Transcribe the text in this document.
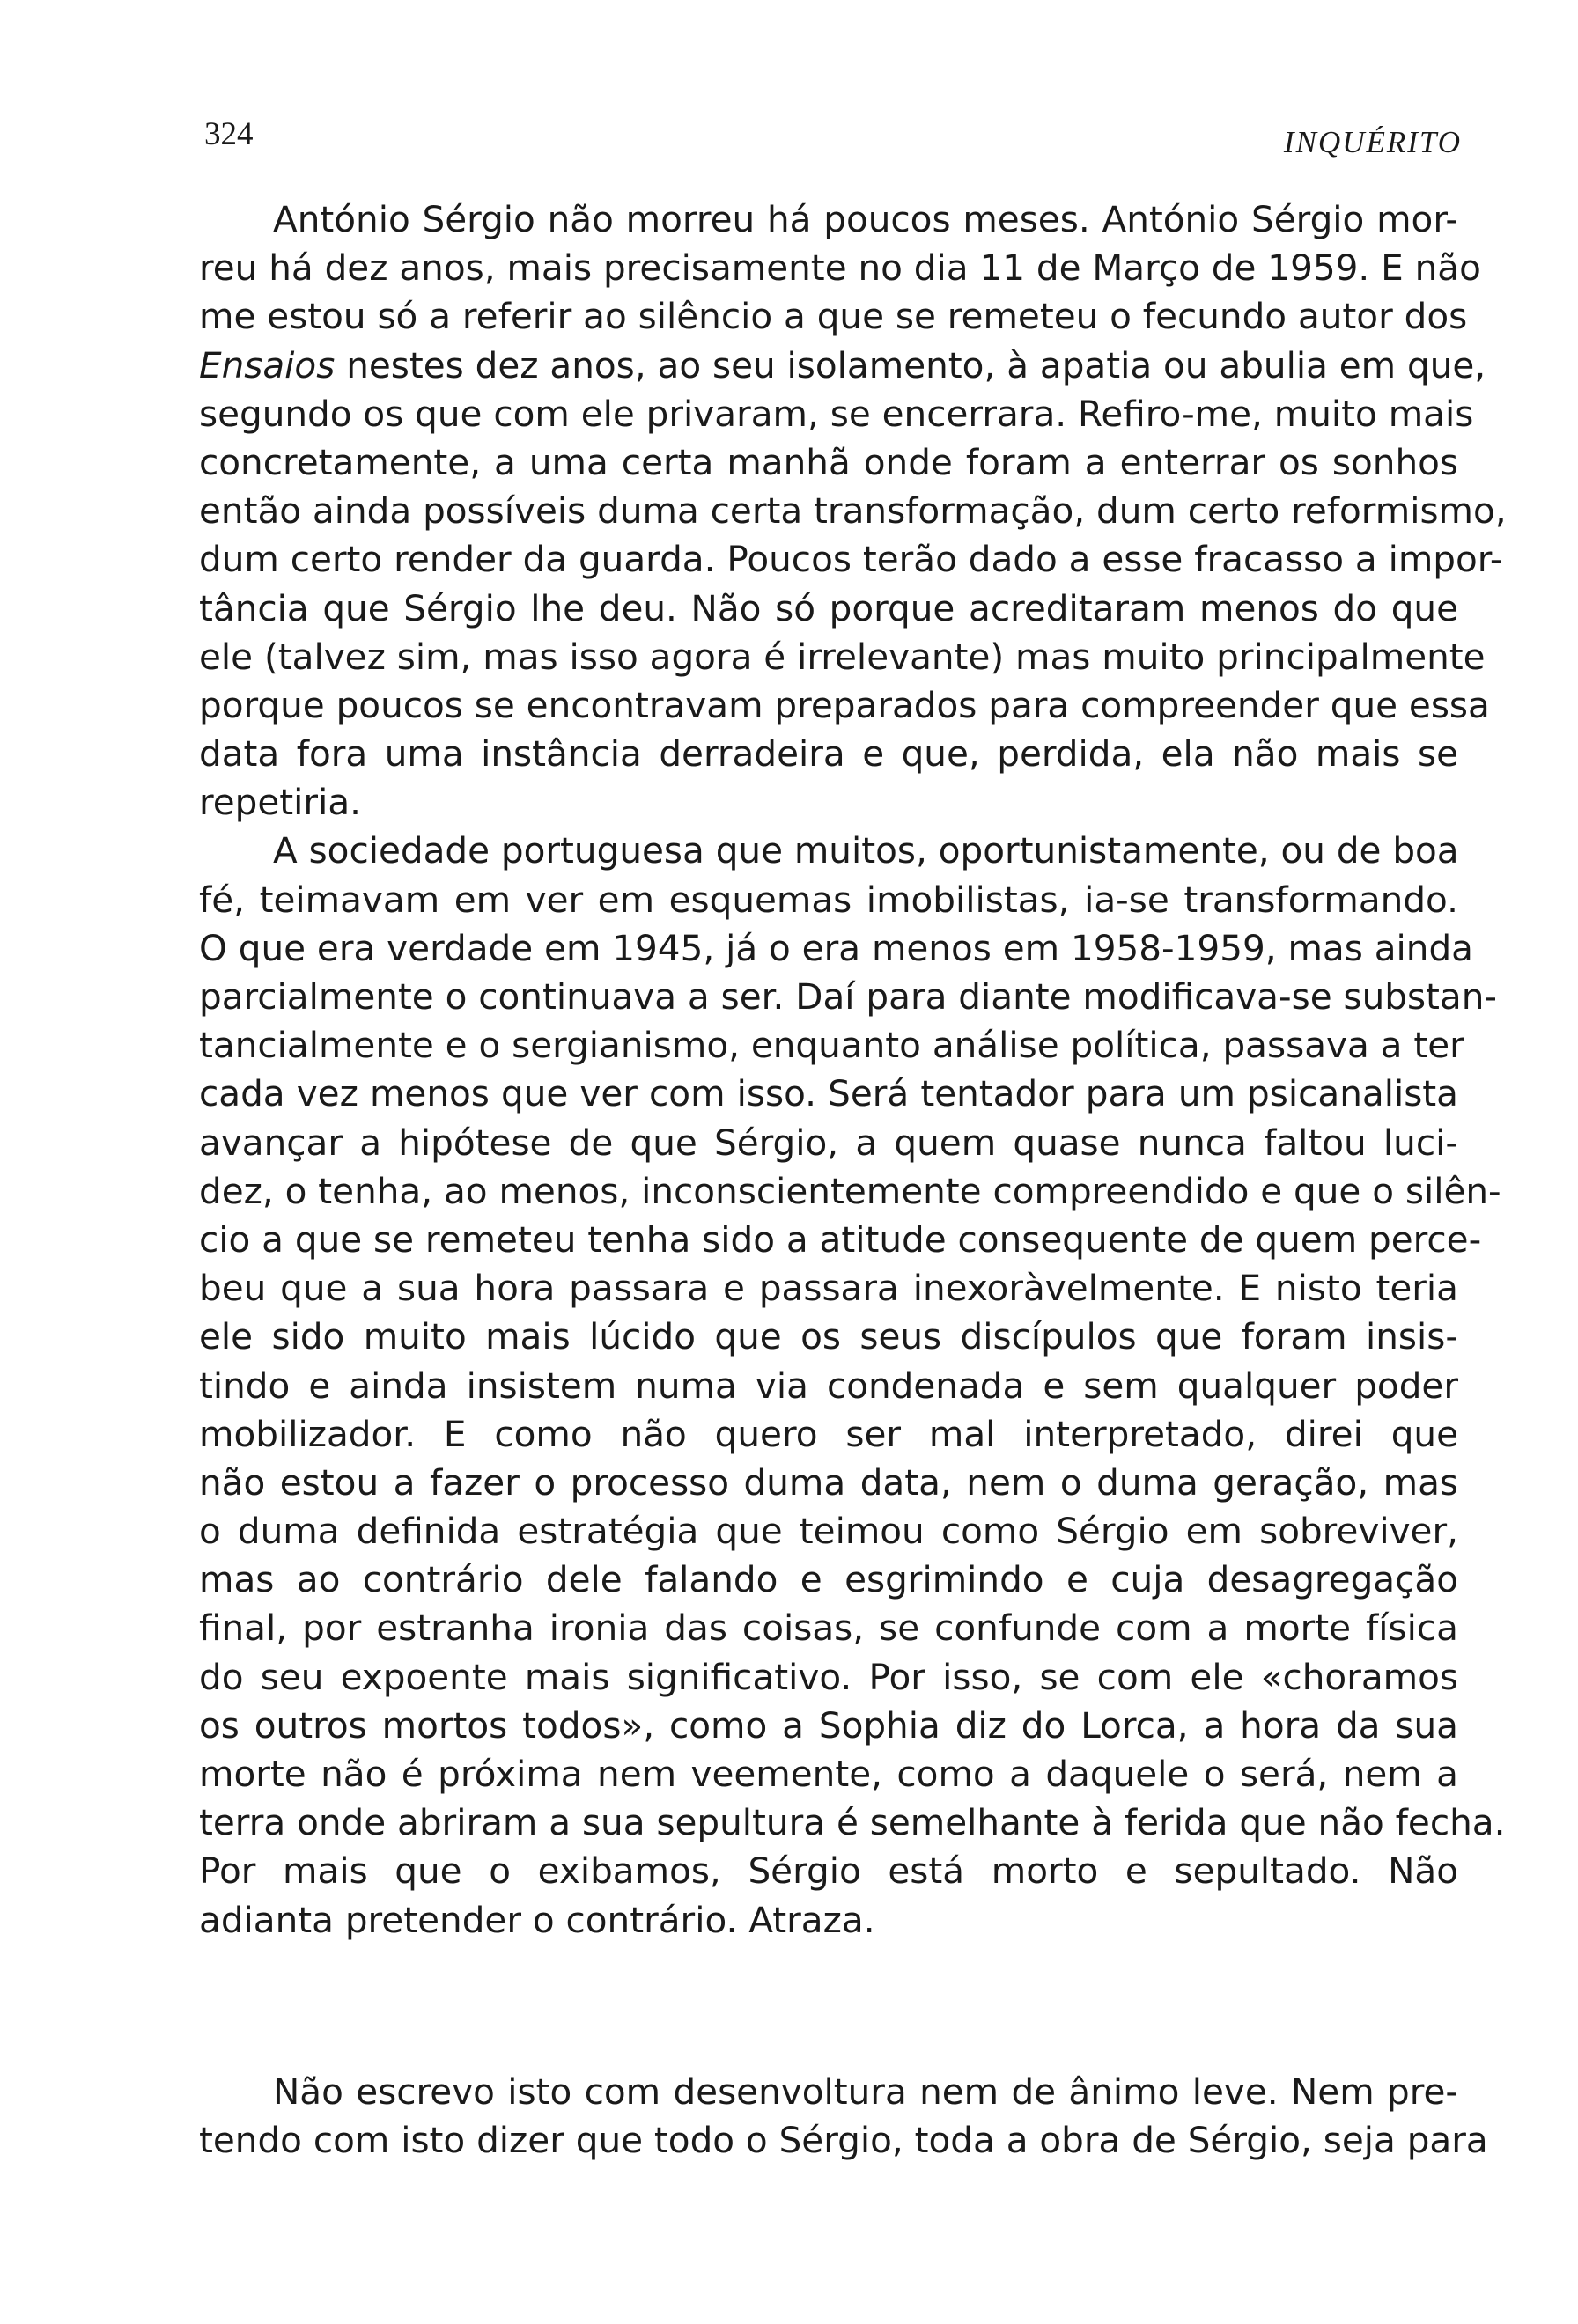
324	INQUÉRITO
António Sérgio não morreu há poucos meses. António Sérgio mor-
reu há dez anos, mais precisamente no dia 11 de Março de 1959. E não
me estou só a referir ao silêncio a que se remeteu o fecundo autor dos
Ensaios nestes dez anos, ao seu isolamento, à apatia ou abulia em que,
segundo os que com ele privaram, se encerrara. Refiro-me, muito mais
concretamente, a uma certa manhã onde foram a enterrar os sonhos
então ainda possíveis duma certa transformação, dum certo reformismo,
dum certo render da guarda. Poucos terão dado a esse fracasso a impor-
tância que Sérgio lhe deu. Não só porque acreditaram menos do que
ele (talvez sim, mas isso agora é irrelevante) mas muito principalmente
porque poucos se encontravam preparados para compreender que essa
data fora uma instância derradeira e que, perdida, ela não mais se
repetiria.
A sociedade portuguesa que muitos, oportunistamente, ou de boa
fé, teimavam em ver em esquemas imobilistas, ia-se transformando.
O que era verdade em 1945, já o era menos em 1958-1959, mas ainda
parcialmente o continuava a ser. Daí para diante modificava-se substan-
tancialmente e o sergianismo, enquanto análise política, passava a ter
cada vez menos que ver com isso. Será tentador para um psicanalista
avançar a hipótese de que Sérgio, a quem quase nunca faltou luci-
dez, o tenha, ao menos, inconscientemente compreendido e que o silên-
cio a que se remeteu tenha sido a atitude consequente de quem perce-
beu que a sua hora passara e passara inexoràvelmente. E nisto teria
ele sido muito mais lúcido que os seus discípulos que foram insis-
tindo e ainda insistem numa via condenada e sem qualquer poder
mobilizador. E como não quero ser mal interpretado, direi que
não estou a fazer o processo duma data, nem o duma geração, mas
o duma definida estratégia que teimou como Sérgio em sobreviver,
mas ao contrário dele falando e esgrimindo e cuja desagregação
final, por estranha ironia das coisas, se confunde com a morte física
do seu expoente mais significativo. Por isso, se com ele «choramos
os outros mortos todos», como a Sophia diz do Lorca, a hora da sua
morte não é próxima nem veemente, como a daquele o será, nem a
terra onde abriram a sua sepultura é semelhante à ferida que não fecha.
Por mais que o exibamos, Sérgio está morto e sepultado. Não
adianta pretender o contrário. Atraza.
Não escrevo isto com desenvoltura nem de ânimo leve. Nem pre-
tendo com isto dizer que todo o Sérgio, toda a obra de Sérgio, seja para
